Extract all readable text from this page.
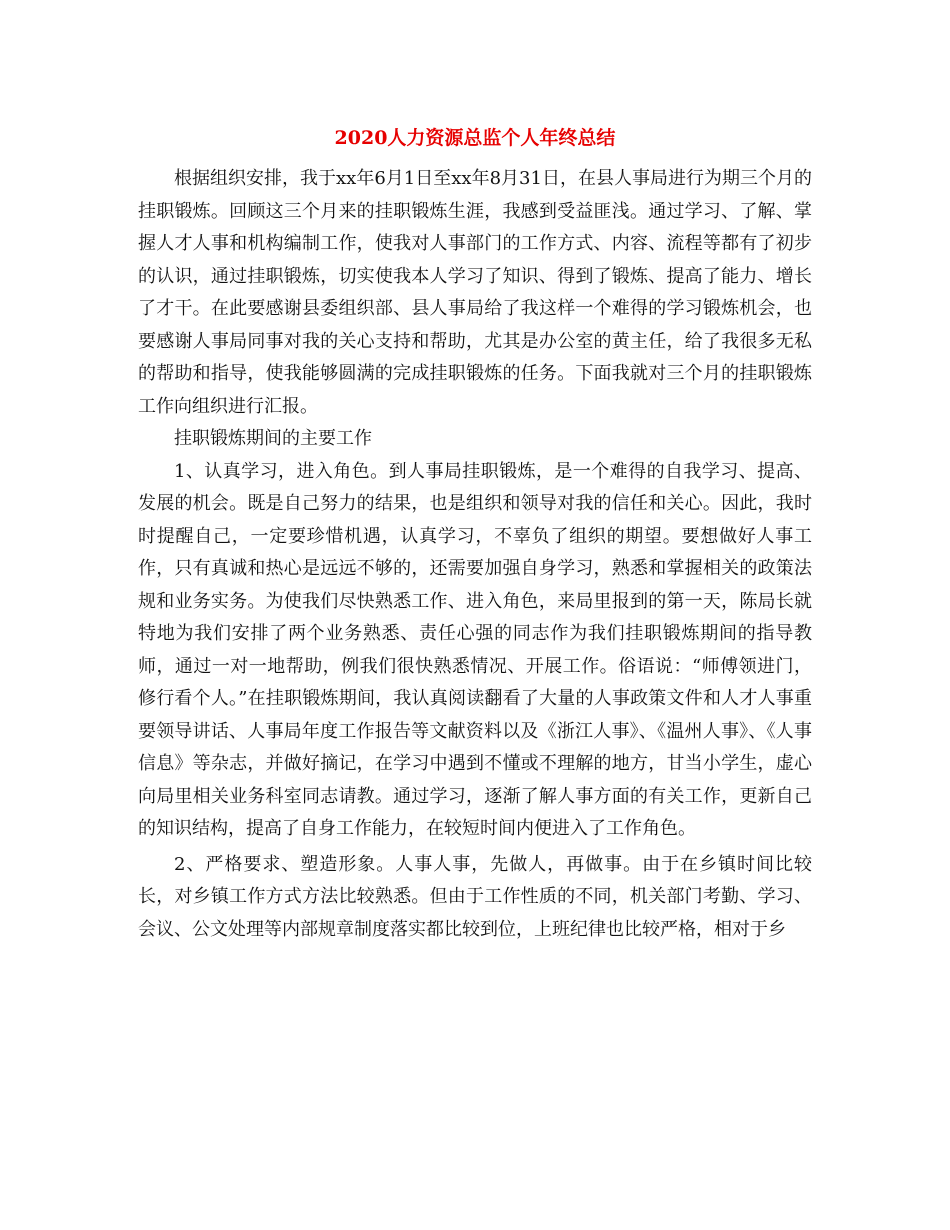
2020人力资源总监个人年终总结

根据组织安排，我于xx年6月1日至xx年8月31日，在县人事局进行为期三个月的挂职锻炼。回顾这三个月来的挂职锻炼生涯，我感到受益匪浅。通过学习、了解、掌握人才人事和机构编制工作，使我对人事部门的工作方式、内容、流程等都有了初步的认识，通过挂职锻炼，切实使我本人学习了知识、得到了锻炼、提高了能力、增长了才干。在此要感谢县委组织部、县人事局给了我这样一个难得的学习锻炼机会，也要感谢人事局同事对我的关心支持和帮助，尤其是办公室的黄主任，给了我很多无私的帮助和指导，使我能够圆满的完成挂职锻炼的任务。下面我就对三个月的挂职锻炼工作向组织进行汇报。

挂职锻炼期间的主要工作

1、认真学习，进入角色。到人事局挂职锻炼，是一个难得的自我学习、提高、发展的机会。既是自己努力的结果，也是组织和领导对我的信任和关心。因此，我时时提醒自己，一定要珍惜机遇，认真学习，不辜负了组织的期望。要想做好人事工作，只有真诚和热心是远远不够的，还需要加强自身学习，熟悉和掌握相关的政策法规和业务实务。为使我们尽快熟悉工作、进入角色，来局里报到的第一天，陈局长就特地为我们安排了两个业务熟悉、责任心强的同志作为我们挂职锻炼期间的指导教师，通过一对一地帮助，例我们很快熟悉情况、开展工作。俗语说：“师傅领进门，修行看个人。”在挂职锻炼期间，我认真阅读翻看了大量的人事政策文件和人才人事重要领导讲话、人事局年度工作报告等文献资料以及《浙江人事》、《温州人事》、《人事信息》等杂志，并做好摘记，在学习中遇到不懂或不理解的地方，甘当小学生，虚心向局里相关业务科室同志请教。通过学习，逐渐了解人事方面的有关工作，更新自己的知识结构，提高了自身工作能力，在较短时间内便进入了工作角色。

2、严格要求、塑造形象。人事人事，先做人，再做事。由于在乡镇时间比较长，对乡镇工作方式方法比较熟悉。但由于工作性质的不同，机关部门考勤、学习、会议、公文处理等内部规章制度落实都比较到位，上班纪律也比较严格，相对于乡
